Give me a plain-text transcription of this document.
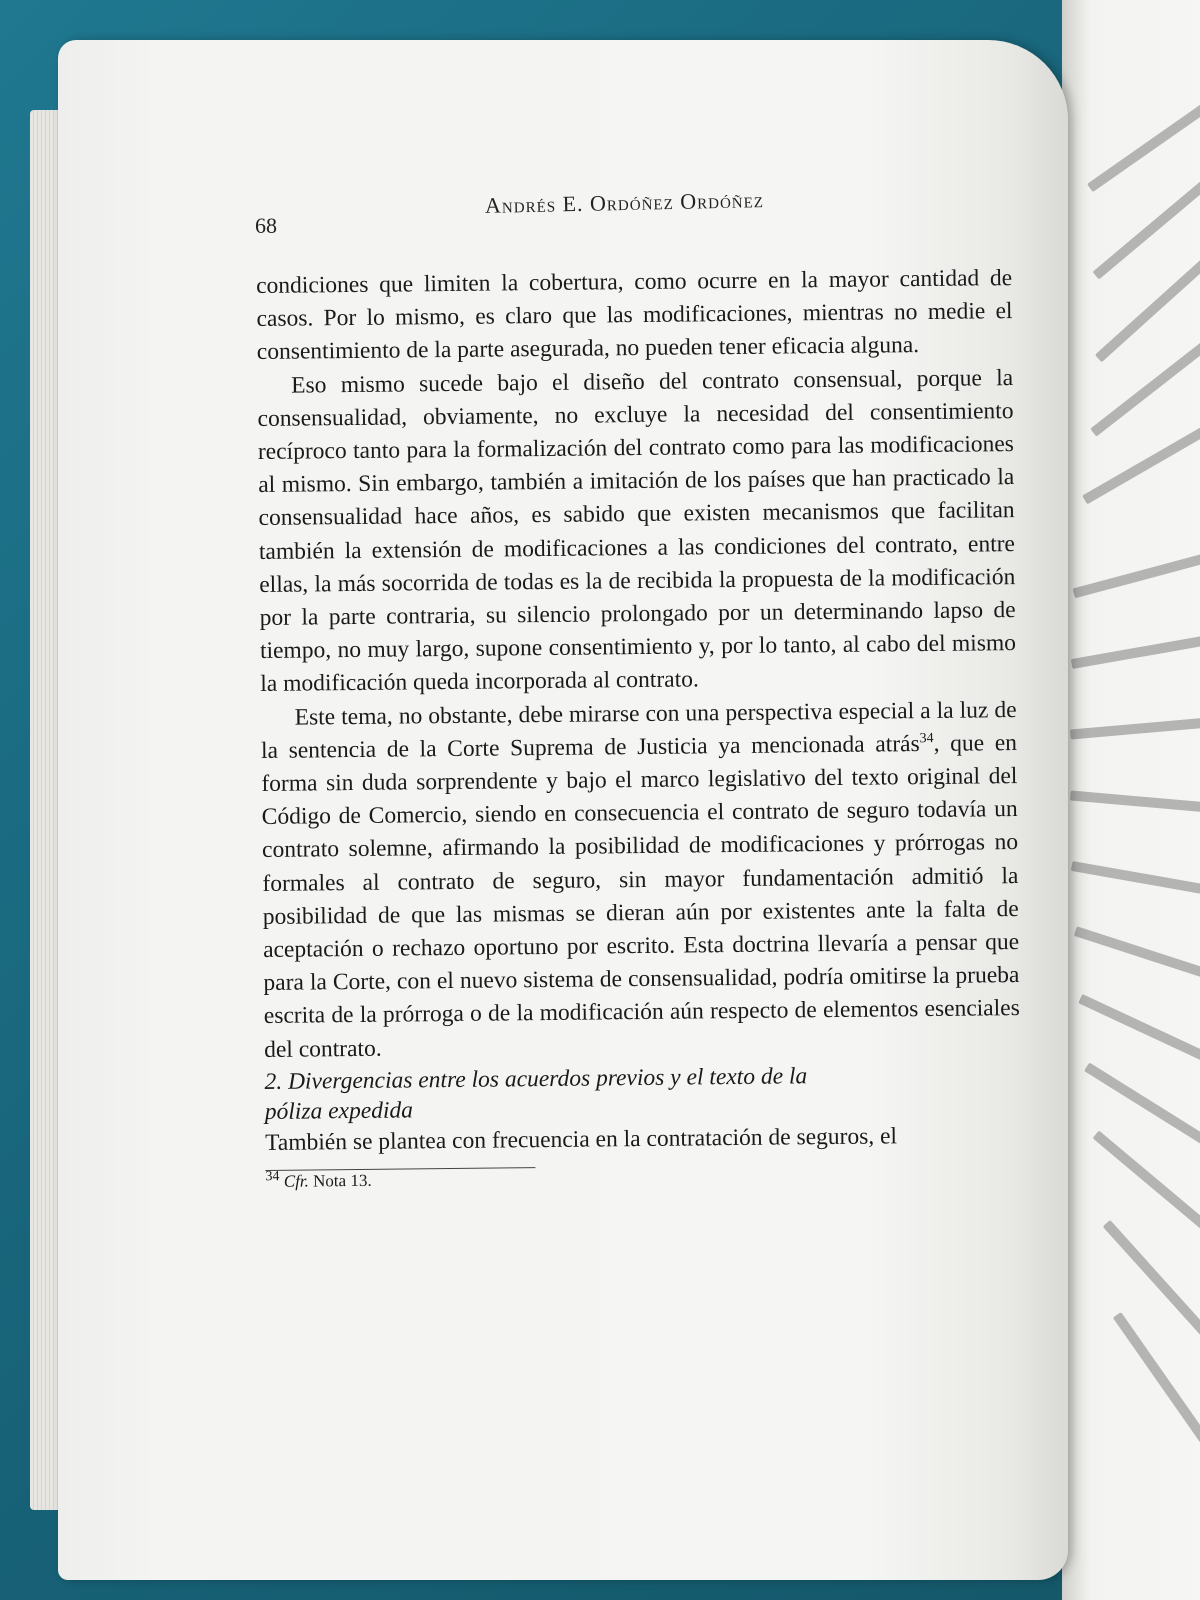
68
Andrés E. Ordóñez Ordóñez

condiciones que limiten la cobertura, como ocurre en la mayor cantidad de casos. Por lo mismo, es claro que las modificaciones, mientras no medie el consentimiento de la parte asegurada, no pueden tener eficacia alguna.

Eso mismo sucede bajo el diseño del contrato consensual, porque la consensualidad, obviamente, no excluye la necesidad del consentimiento recíproco tanto para la formalización del contrato como para las modificaciones al mismo. Sin embargo, también a imitación de los países que han practicado la consensualidad hace años, es sabido que existen mecanismos que facilitan también la extensión de modificaciones a las condiciones del contrato, entre ellas, la más socorrida de todas es la de recibida la propuesta de la modificación por la parte contraria, su silencio prolongado por un determinando lapso de tiempo, no muy largo, supone consentimiento y, por lo tanto, al cabo del mismo la modificación queda incorporada al contrato.

Este tema, no obstante, debe mirarse con una perspectiva especial a la luz de la sentencia de la Corte Suprema de Justicia ya mencionada atrás$^{34}$, que en forma sin duda sorprendente y bajo el marco legislativo del texto original del Código de Comercio, siendo en consecuencia el contrato de seguro todavía un contrato solemne, afirmando la posibilidad de modificaciones y prórrogas no formales al contrato de seguro, sin mayor fundamentación admitió la posibilidad de que las mismas se dieran aún por existentes ante la falta de aceptación o rechazo oportuno por escrito. Esta doctrina llevaría a pensar que para la Corte, con el nuevo sistema de consensualidad, podría omitirse la prueba escrita de la prórroga o de la modificación aún respecto de elementos esenciales del contrato.

2. Divergencias entre los acuerdos previos y el texto de la póliza expedida

También se plantea con frecuencia en la contratación de seguros, el

$^{34}$ Cfr. Nota 13.
